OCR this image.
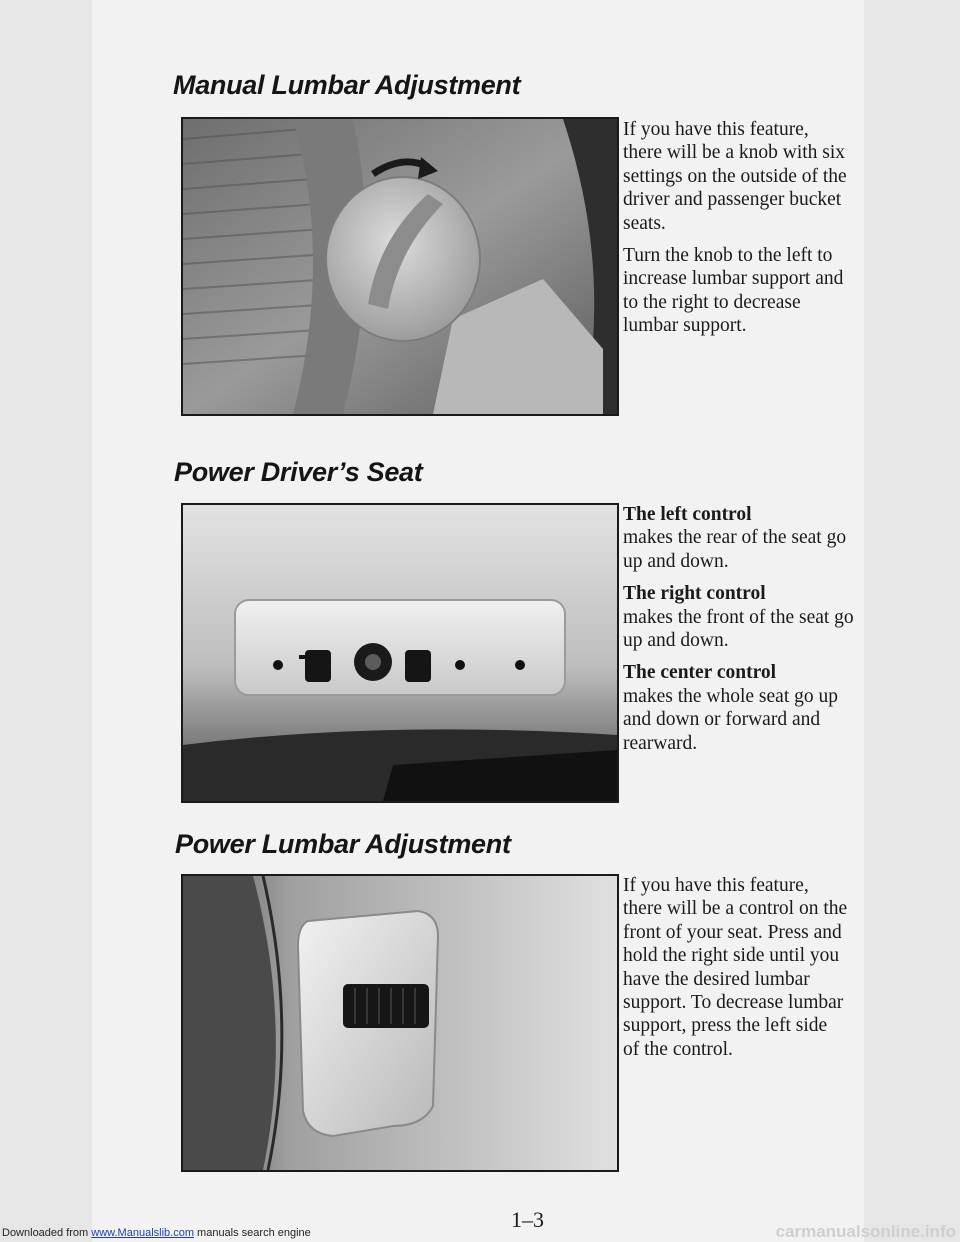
Manual Lumbar Adjustment

If you have this feature, there will be a knob with six settings on the outside of the driver and passenger bucket seats.

Turn the knob to the left to increase lumbar support and to the right to decrease lumbar support.

Power Driver’s Seat

The left control
makes the rear of the seat go up and down.

The right control
makes the front of the seat go up and down.

The center control
makes the whole seat go up and down or forward and rearward.

Power Lumbar Adjustment

If you have this feature, there will be a control on the front of your seat. Press and hold the right side until you have the desired lumbar support. To decrease lumbar support, press the left side of the control.

1–3
Downloaded from www.Manualslib.com manuals search engine	carmanualsonline.info
